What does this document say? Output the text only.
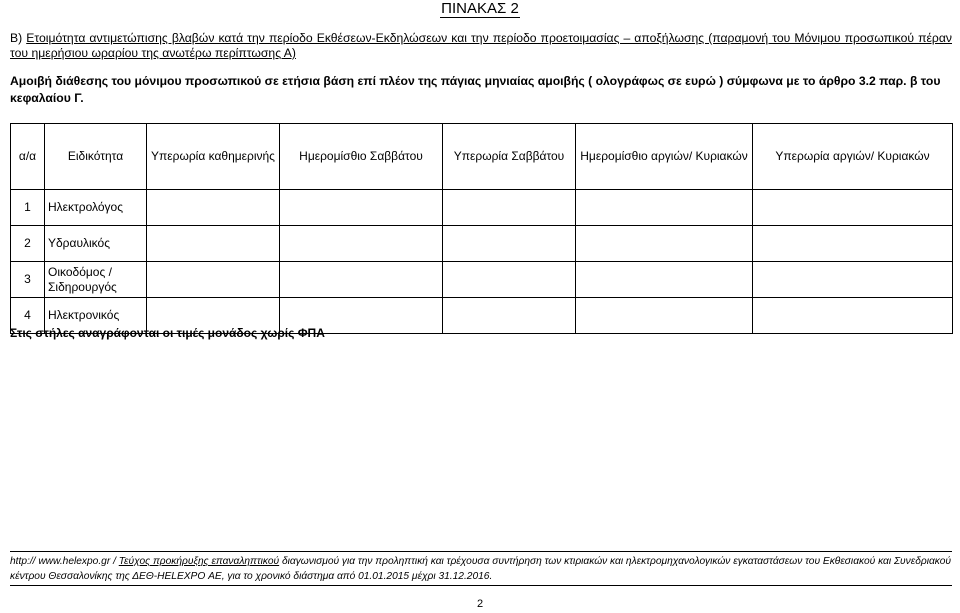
ΠΙΝΑΚΑΣ 2
Β) Ετοιμότητα αντιμετώπισης βλαβών κατά την περίοδο Εκθέσεων-Εκδηλώσεων και την περίοδο προετοιμασίας – αποξήλωσης (παραμονή του Μόνιμου προσωπικού πέραν του ημερήσιου ωραρίου της ανωτέρω περίπτωσης Α)
Αμοιβή διάθεσης του μόνιμου προσωπικού σε ετήσια βάση επί πλέον της πάγιας μηνιαίας αμοιβής ( ολογράφως σε ευρώ ) σύμφωνα με το άρθρο 3.2 παρ. β του κεφαλαίου Γ.
α/α	Ειδικότητα	Υπερωρία καθημερινής	Ημερομίσθιο Σαββάτου	Υπερωρία Σαββάτου	Ημερομίσθιο αργιών/ Κυριακών	Υπερωρία αργιών/ Κυριακών
1	Ηλεκτρολόγος					
2	Υδραυλικός					
3	Οικοδόμος / Σιδηρουργός					
4	Ηλεκτρονικός					
Στις στήλες αναγράφονται οι τιμές μονάδος χωρίς ΦΠΑ
http:// www.helexpo.gr / Τεύχος προκήρυξης επαναληπτικού διαγωνισμού για την προληπτική και τρέχουσα συντήρηση των κτιριακών και ηλεκτρομηχανολογικών εγκαταστάσεων του Εκθεσιακού και Συνεδριακού κέντρου Θεσσαλονίκης της ΔΕΘ-HELEXPO ΑΕ, για το χρονικό διάστημα από 01.01.2015 μέχρι 31.12.2016.
2
